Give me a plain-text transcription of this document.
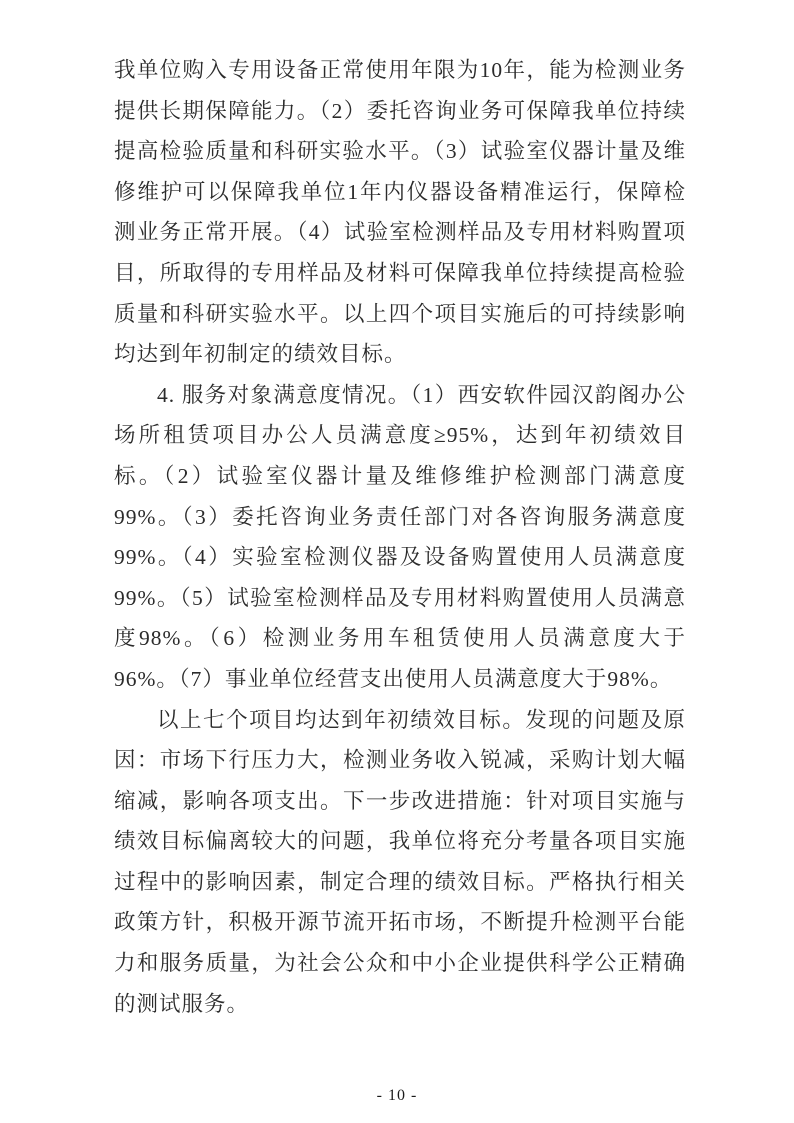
我单位购入专用设备正常使用年限为10年，能为检测业务提供长期保障能力。（2）委托咨询业务可保障我单位持续提高检验质量和科研实验水平。（3）试验室仪器计量及维修维护可以保障我单位1年内仪器设备精准运行，保障检测业务正常开展。（4）试验室检测样品及专用材料购置项目，所取得的专用样品及材料可保障我单位持续提高检验质量和科研实验水平。以上四个项目实施后的可持续影响均达到年初制定的绩效目标。

4. 服务对象满意度情况。（1）西安软件园汉韵阁办公场所租赁项目办公人员满意度≥95%，达到年初绩效目标。（2）试验室仪器计量及维修维护检测部门满意度99%。（3）委托咨询业务责任部门对各咨询服务满意度99%。（4）实验室检测仪器及设备购置使用人员满意度99%。（5）试验室检测样品及专用材料购置使用人员满意度98%。（6）检测业务用车租赁使用人员满意度大于96%。（7）事业单位经营支出使用人员满意度大于98%。

以上七个项目均达到年初绩效目标。发现的问题及原因：市场下行压力大，检测业务收入锐减，采购计划大幅缩减，影响各项支出。下一步改进措施：针对项目实施与绩效目标偏离较大的问题，我单位将充分考量各项目实施过程中的影响因素，制定合理的绩效目标。严格执行相关政策方针，积极开源节流开拓市场，不断提升检测平台能力和服务质量，为社会公众和中小企业提供科学公正精确的测试服务。

- 10 -
